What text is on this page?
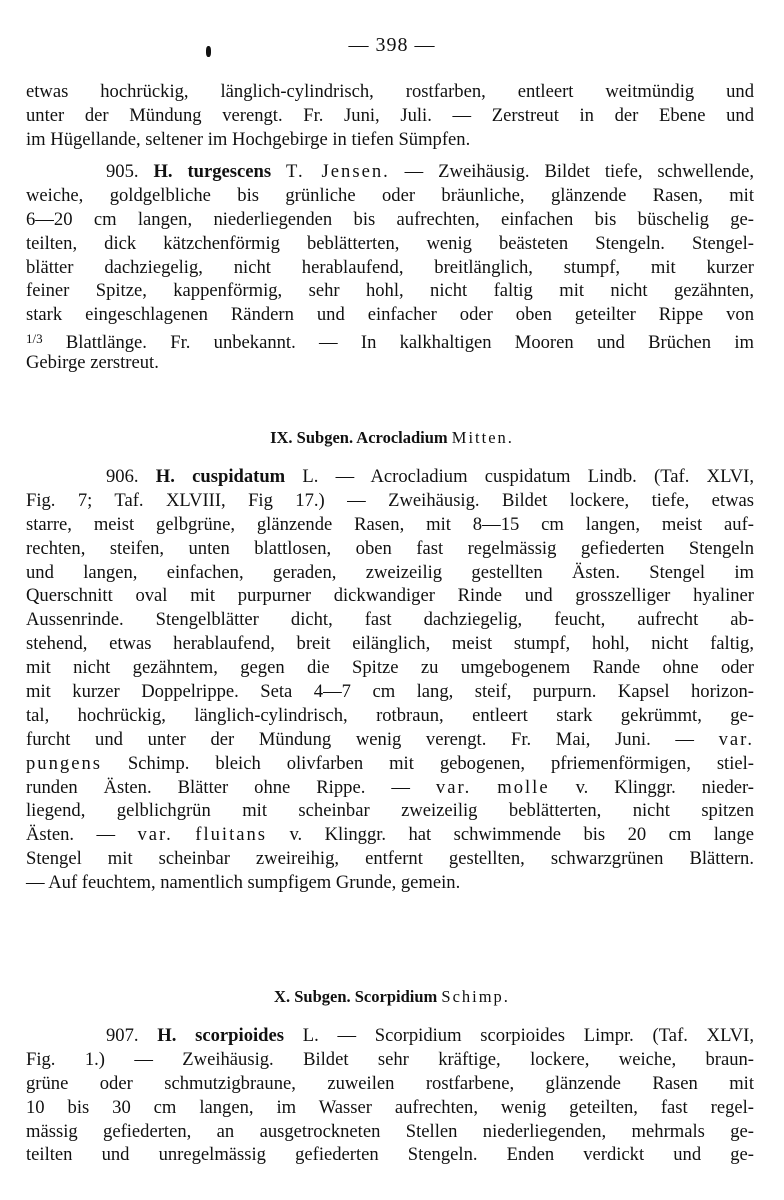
— 398 —
etwas hochrückig, länglich-cylindrisch, rostfarben, entleert weitmündig und
unter der Mündung verengt. Fr. Juni, Juli. — Zerstreut in der Ebene und
im Hügellande, seltener im Hochgebirge in tiefen Sümpfen.
905. H. turgescens T. Jensen. — Zweihäusig. Bildet tiefe, schwellende,
weiche, goldgelbliche bis grünliche oder bräunliche, glänzende Rasen, mit
6—20 cm langen, niederliegenden bis aufrechten, einfachen bis büschelig ge-
teilten, dick kätzchenförmig beblätterten, wenig beästeten Stengeln. Stengel-
blätter dachziegelig, nicht herablaufend, breitlänglich, stumpf, mit kurzer
feiner Spitze, kappenförmig, sehr hohl, nicht faltig mit nicht gezähnten,
stark eingeschlagenen Rändern und einfacher oder oben geteilter Rippe von
$^{1/3}$ Blattlänge. Fr. unbekannt. — In kalkhaltigen Mooren und Brüchen im
Gebirge zerstreut.
IX. Subgen. Acrocladium Mitten.
906. H. cuspidatum L. — Acrocladium cuspidatum Lindb. (Taf. XLVI,
Fig. 7; Taf. XLVIII, Fig 17.) — Zweihäusig. Bildet lockere, tiefe, etwas
starre, meist gelbgrüne, glänzende Rasen, mit 8—15 cm langen, meist auf-
rechten, steifen, unten blattlosen, oben fast regelmässig gefiederten Stengeln
und langen, einfachen, geraden, zweizeilig gestellten Ästen. Stengel im
Querschnitt oval mit purpurner dickwandiger Rinde und grosszelliger hyaliner
Aussenrinde. Stengelblätter dicht, fast dachziegelig, feucht, aufrecht ab-
stehend, etwas herablaufend, breit eilänglich, meist stumpf, hohl, nicht faltig,
mit nicht gezähntem, gegen die Spitze zu umgebogenem Rande ohne oder
mit kurzer Doppelrippe. Seta 4—7 cm lang, steif, purpurn. Kapsel horizon-
tal, hochrückig, länglich-cylindrisch, rotbraun, entleert stark gekrümmt, ge-
furcht und unter der Mündung wenig verengt. Fr. Mai, Juni. — var.
pungens Schimp. bleich olivfarben mit gebogenen, pfriemenförmigen, stiel-
runden Ästen. Blätter ohne Rippe. — var. molle v. Klinggr. nieder-
liegend, gelblichgrün mit scheinbar zweizeilig beblätterten, nicht spitzen
Ästen. — var. fluitans v. Klinggr. hat schwimmende bis 20 cm lange
Stengel mit scheinbar zweireihig, entfernt gestellten, schwarzgrünen Blättern.
— Auf feuchtem, namentlich sumpfigem Grunde, gemein.
X. Subgen. Scorpidium Schimp.
907. H. scorpioides L. — Scorpidium scorpioides Limpr. (Taf. XLVI,
Fig. 1.) — Zweihäusig. Bildet sehr kräftige, lockere, weiche, braun-
grüne oder schmutzigbraune, zuweilen rostfarbene, glänzende Rasen mit
10 bis 30 cm langen, im Wasser aufrechten, wenig geteilten, fast regel-
mässig gefiederten, an ausgetrockneten Stellen niederliegenden, mehrmals ge-
teilten und unregelmässig gefiederten Stengeln. Enden verdickt und ge-
